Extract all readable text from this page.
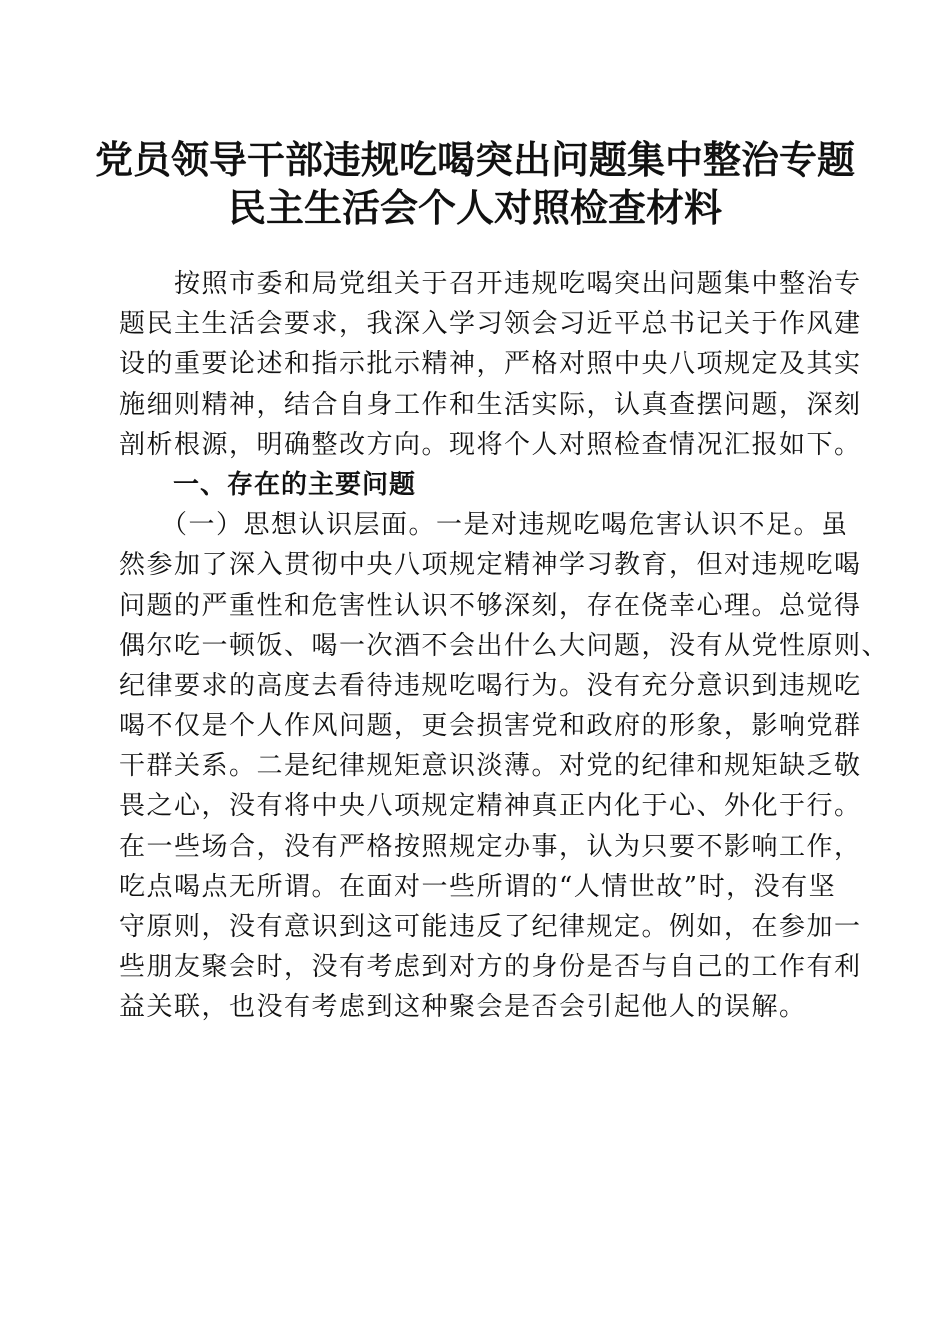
党员领导干部违规吃喝突出问题集中整治专题
民主生活会个人对照检查材料
　　按照市委和局党组关于召开违规吃喝突出问题集中整治专
题民主生活会要求，我深入学习领会习近平总书记关于作风建
设的重要论述和指示批示精神，严格对照中央八项规定及其实
施细则精神，结合自身工作和生活实际，认真查摆问题，深刻
剖析根源，明确整改方向。现将个人对照检查情况汇报如下。
　　一、存在的主要问题
　　（一）思想认识层面。一是对违规吃喝危害认识不足。虽
然参加了深入贯彻中央八项规定精神学习教育，但对违规吃喝
问题的严重性和危害性认识不够深刻，存在侥幸心理。总觉得
偶尔吃一顿饭、喝一次酒不会出什么大问题，没有从党性原则、
纪律要求的高度去看待违规吃喝行为。没有充分意识到违规吃
喝不仅是个人作风问题，更会损害党和政府的形象，影响党群
干群关系。二是纪律规矩意识淡薄。对党的纪律和规矩缺乏敬
畏之心，没有将中央八项规定精神真正内化于心、外化于行。
在一些场合，没有严格按照规定办事，认为只要不影响工作，
吃点喝点无所谓。在面对一些所谓的“人情世故”时，没有坚
守原则，没有意识到这可能违反了纪律规定。例如，在参加一
些朋友聚会时，没有考虑到对方的身份是否与自己的工作有利
益关联，也没有考虑到这种聚会是否会引起他人的误解。
